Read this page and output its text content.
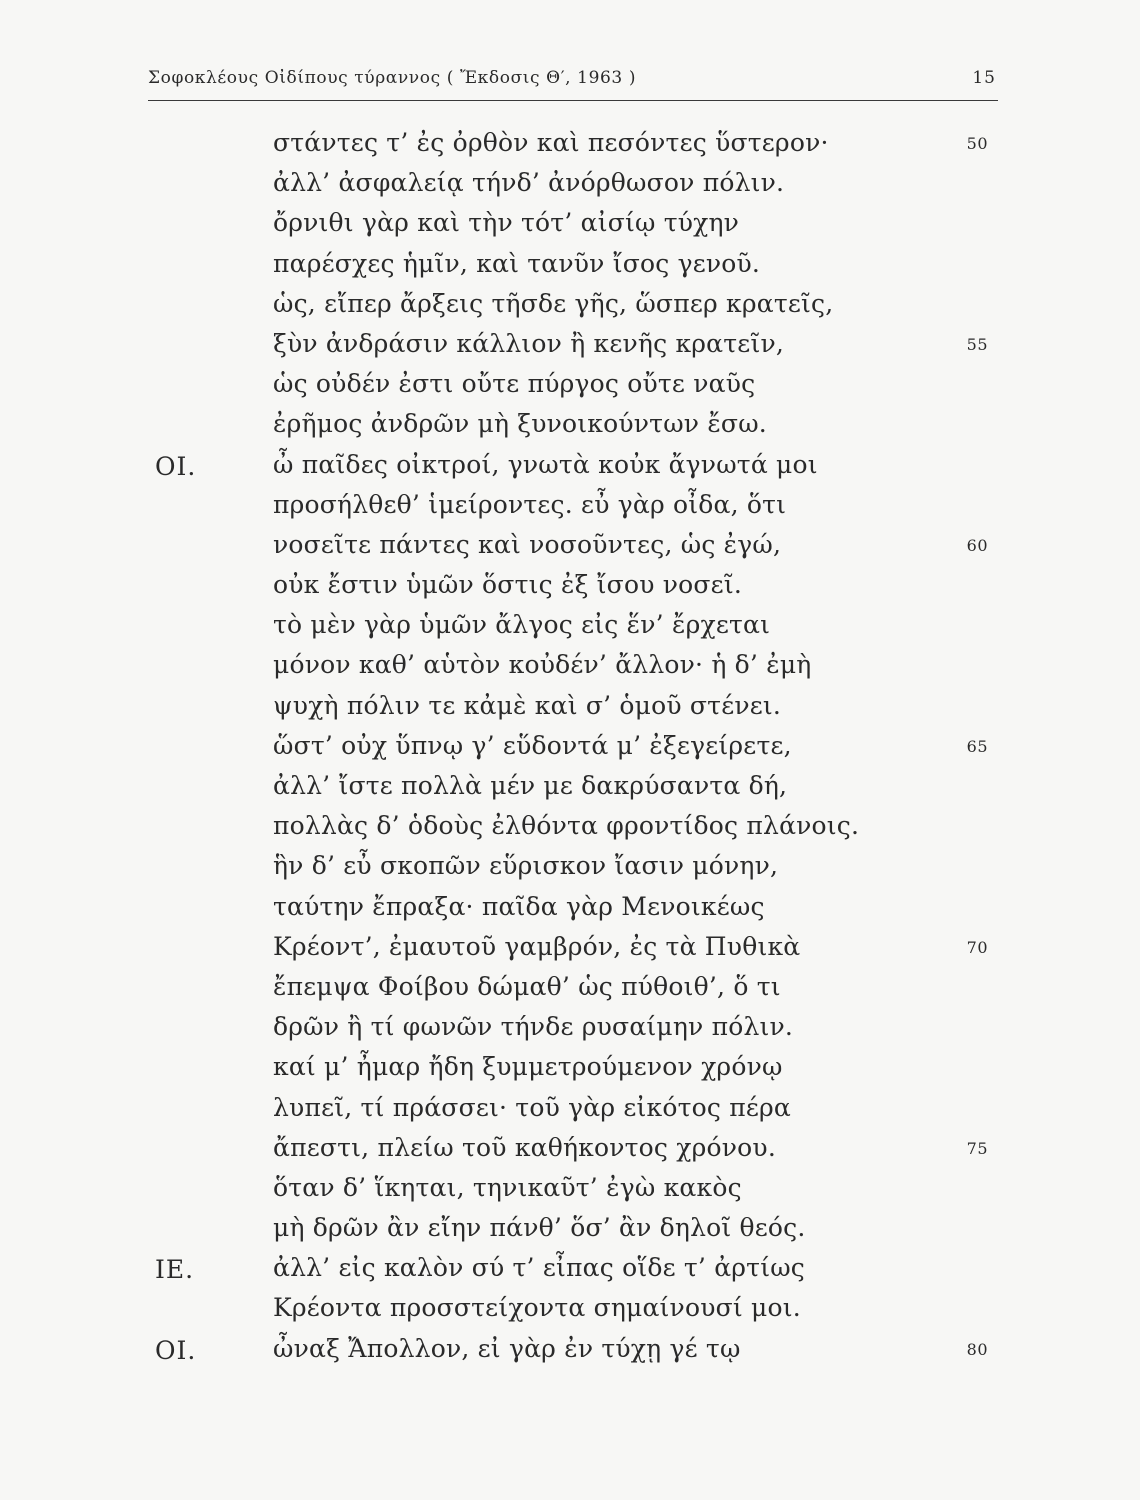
Σοφοκλέους Οἰδίπους τύραννος ( Ἔκδοσις Θ′, 1963 )	15
στάντες τ’ ἐς ὀρθὸν καὶ πεσόντες ὕστερον·	50
ἀλλ’ ἀσφαλείᾳ τήνδ’ ἀνόρθωσον πόλιν.
ὄρνιθι γὰρ καὶ τὴν τότ’ αἰσίῳ τύχην
παρέσχες ἡμῖν, καὶ τανῦν ἴσος γενοῦ.
ὡς, εἴπερ ἄρξεις τῆσδε γῆς, ὥσπερ κρατεῖς,
ξὺν ἀνδράσιν κάλλιον ἢ κενῆς κρατεῖν,	55
ὡς οὐδέν ἐστι οὔτε πύργος οὔτε ναῦς
ἐρῆμος ἀνδρῶν μὴ ξυνοικούντων ἔσω.
ΟΙ.	ὦ παῖδες οἰκτροί, γνωτὰ κοὐκ ἄγνωτά μοι
προσήλθεθ’ ἱμείροντες. εὖ γὰρ οἶδα, ὅτι
νοσεῖτε πάντες καὶ νοσοῦντες, ὡς ἐγώ,	60
οὐκ ἔστιν ὑμῶν ὅστις ἐξ ἴσου νοσεῖ.
τὸ μὲν γὰρ ὑμῶν ἄλγος εἰς ἕν’ ἔρχεται
μόνον καθ’ αὑτὸν κοὐδέν’ ἄλλον· ἡ δ’ ἐμὴ
ψυχὴ πόλιν τε κἀμὲ καὶ σ’ ὁμοῦ στένει.
ὥστ’ οὐχ ὕπνῳ γ’ εὕδοντά μ’ ἐξεγείρετε,	65
ἀλλ’ ἴστε πολλὰ μέν με δακρύσαντα δή,
πολλὰς δ’ ὁδοὺς ἐλθόντα φροντίδος πλάνοις.
ἣν δ’ εὖ σκοπῶν εὕρισκον ἴασιν μόνην,
ταύτην ἔπραξα· παῖδα γὰρ Μενοικέως
Κρέοντ’, ἐμαυτοῦ γαμβρόν, ἐς τὰ Πυθικὰ	70
ἔπεμψα Φοίβου δώμαθ’ ὡς πύθοιθ’, ὅ τι
δρῶν ἢ τί φωνῶν τήνδε ρυσαίμην πόλιν.
καί μ’ ἦμαρ ἤδη ξυμμετρούμενον χρόνῳ
λυπεῖ, τί πράσσει· τοῦ γὰρ εἰκότος πέρα
ἄπεστι, πλείω τοῦ καθήκοντος χρόνου.	75
ὅταν δ’ ἵκηται, τηνικαῦτ’ ἐγὼ κακὸς
μὴ δρῶν ἂν εἴην πάνθ’ ὅσ’ ἂν δηλοῖ θεός.
ΙΕ.	ἀλλ’ εἰς καλὸν σύ τ’ εἶπας οἵδε τ’ ἀρτίως
Κρέοντα προσστείχοντα σημαίνουσί μοι.
ΟΙ.	ὦναξ Ἄπολλον, εἰ γὰρ ἐν τύχῃ γέ τῳ	80
